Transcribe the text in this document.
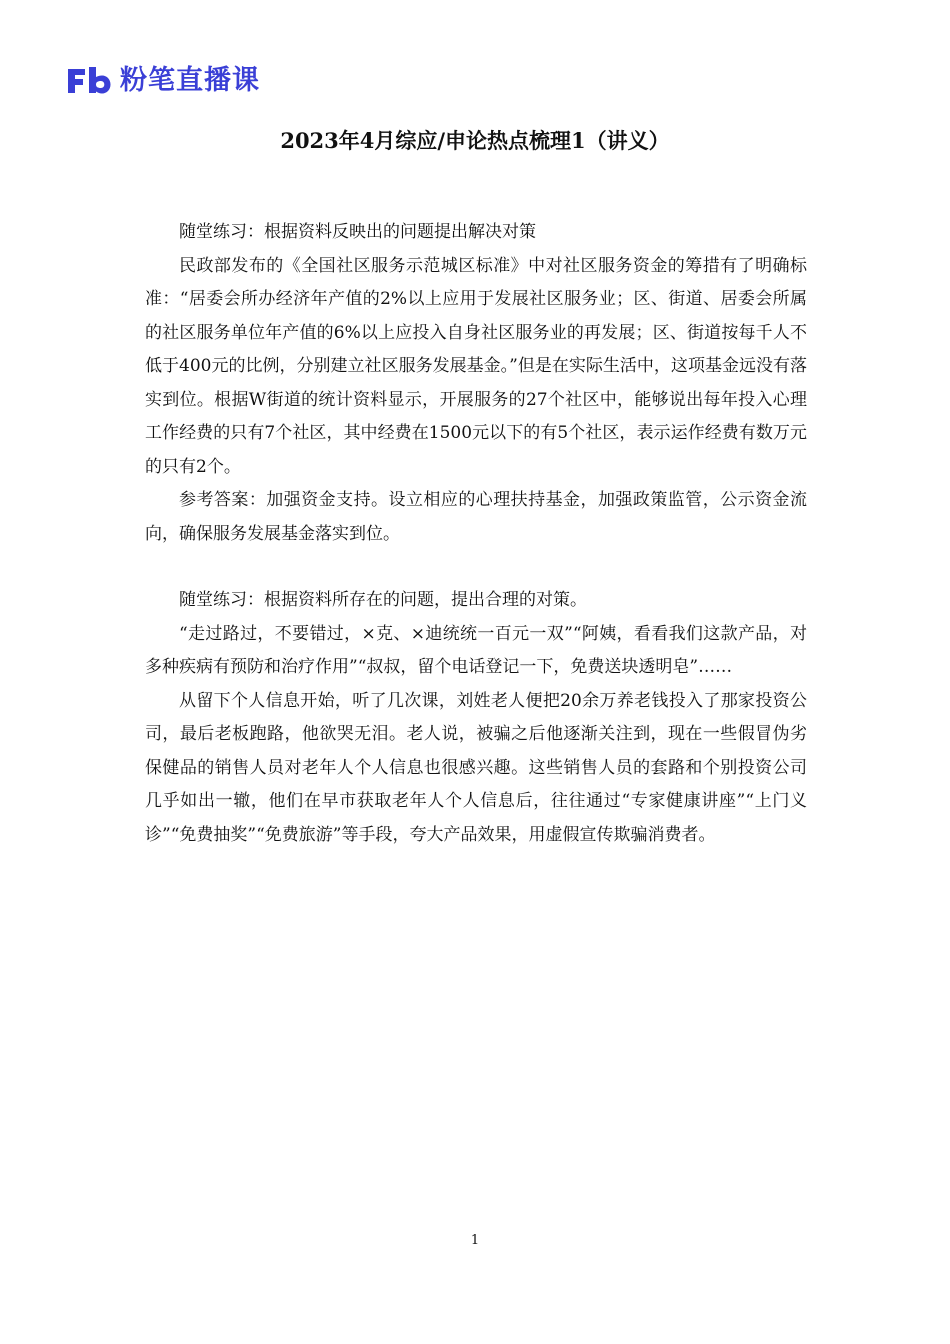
粉笔直播课
2023年4月综应/申论热点梳理1（讲义）

随堂练习：根据资料反映出的问题提出解决对策

民政部发布的《全国社区服务示范城区标准》中对社区服务资金的筹措有了明确标准：“居委会所办经济年产值的2%以上应用于发展社区服务业；区、街道、居委会所属的社区服务单位年产值的6%以上应投入自身社区服务业的再发展；区、街道按每千人不低于400元的比例，分别建立社区服务发展基金。”但是在实际生活中，这项基金远没有落实到位。根据W街道的统计资料显示，开展服务的27个社区中，能够说出每年投入心理工作经费的只有7个社区，其中经费在1500元以下的有5个社区，表示运作经费有数万元的只有2个。

参考答案：加强资金支持。设立相应的心理扶持基金，加强政策监管，公示资金流向，确保服务发展基金落实到位。

随堂练习：根据资料所存在的问题，提出合理的对策。

“走过路过，不要错过，×克、×迪统统一百元一双”“阿姨，看看我们这款产品，对多种疾病有预防和治疗作用”“叔叔，留个电话登记一下，免费送块透明皂”……

从留下个人信息开始，听了几次课，刘姓老人便把20余万养老钱投入了那家投资公司，最后老板跑路，他欲哭无泪。老人说，被骗之后他逐渐关注到，现在一些假冒伪劣保健品的销售人员对老年人个人信息也很感兴趣。这些销售人员的套路和个别投资公司几乎如出一辙，他们在早市获取老年人个人信息后，往往通过“专家健康讲座”“上门义诊”“免费抽奖”“免费旅游”等手段，夸大产品效果，用虚假宣传欺骗消费者。

1
